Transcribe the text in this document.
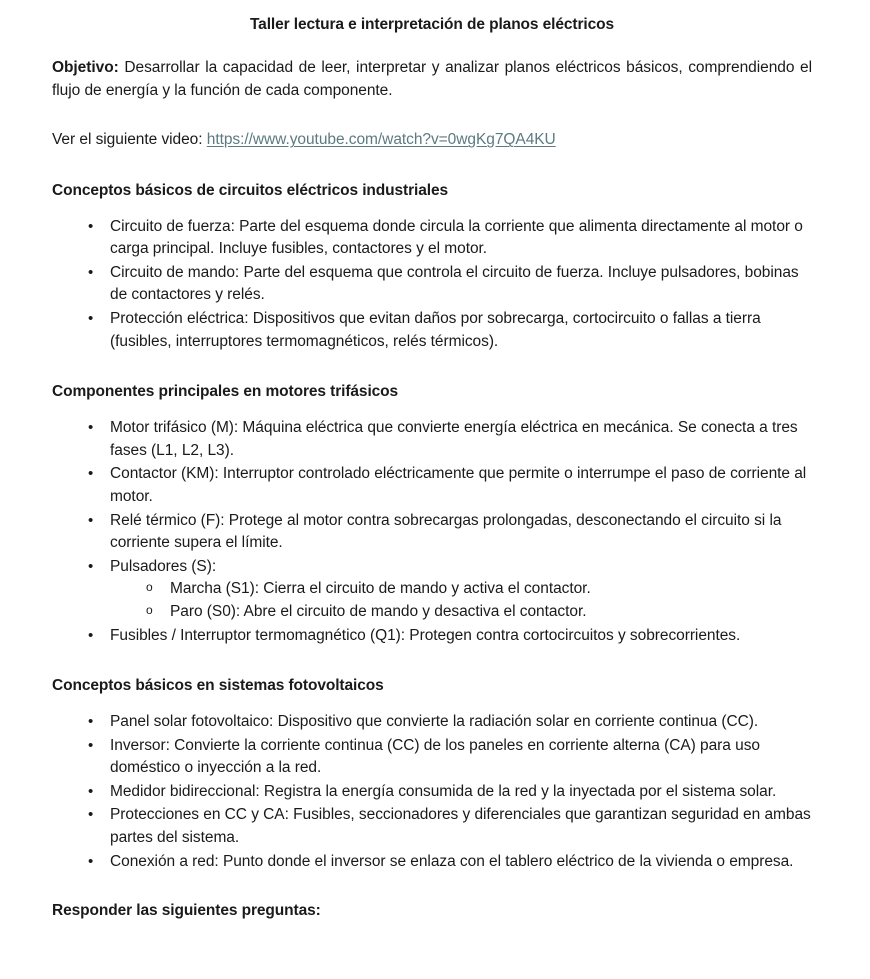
Taller lectura e interpretación de planos eléctricos

Objetivo: Desarrollar la capacidad de leer, interpretar y analizar planos eléctricos básicos, comprendiendo el flujo de energía y la función de cada componente.

Ver el siguiente video: https://www.youtube.com/watch?v=0wgKg7QA4KU

Conceptos básicos de circuitos eléctricos industriales
• Circuito de fuerza: Parte del esquema donde circula la corriente que alimenta directamente al motor o carga principal. Incluye fusibles, contactores y el motor.
• Circuito de mando: Parte del esquema que controla el circuito de fuerza. Incluye pulsadores, bobinas de contactores y relés.
• Protección eléctrica: Dispositivos que evitan daños por sobrecarga, cortocircuito o fallas a tierra (fusibles, interruptores termomagnéticos, relés térmicos).
Componentes principales en motores trifásicos
• Motor trifásico (M): Máquina eléctrica que convierte energía eléctrica en mecánica. Se conecta a tres fases (L1, L2, L3).
• Contactor (KM): Interruptor controlado eléctricamente que permite o interrumpe el paso de corriente al motor.
• Relé térmico (F): Protege al motor contra sobrecargas prolongadas, desconectando el circuito si la corriente supera el límite.
• Pulsadores (S):
o Marcha (S1): Cierra el circuito de mando y activa el contactor.
o Paro (S0): Abre el circuito de mando y desactiva el contactor.
• Fusibles / Interruptor termomagnético (Q1): Protegen contra cortocircuitos y sobrecorrientes.
Conceptos básicos en sistemas fotovoltaicos
• Panel solar fotovoltaico: Dispositivo que convierte la radiación solar en corriente continua (CC).
• Inversor: Convierte la corriente continua (CC) de los paneles en corriente alterna (CA) para uso doméstico o inyección a la red.
• Medidor bidireccional: Registra la energía consumida de la red y la inyectada por el sistema solar.
• Protecciones en CC y CA: Fusibles, seccionadores y diferenciales que garantizan seguridad en ambas partes del sistema.
• Conexión a red: Punto donde el inversor se enlaza con el tablero eléctrico de la vivienda o empresa.
Responder las siguientes preguntas:
